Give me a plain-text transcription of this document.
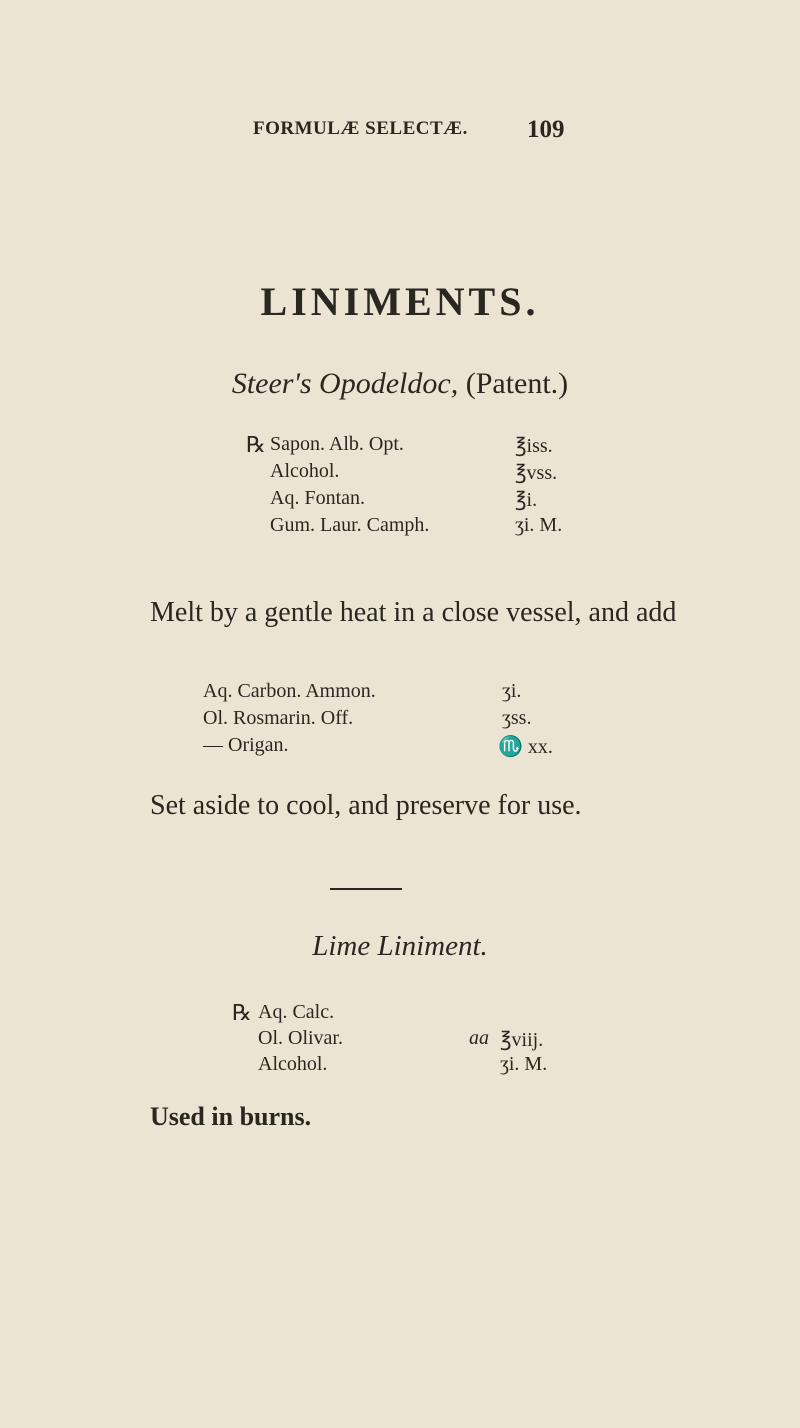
FORMULÆ SELECTÆ. 109
LINIMENTS.
Steer's Opodeldoc, (Patent.)
℞ Sapon. Alb. Opt.	℥iss.
Alcohol.	℥vss.
Aq. Fontan.	℥i.
Gum. Laur. Camph.	ʒi. M.
Melt by a gentle heat in a close vessel, and add
Aq. Carbon. Ammon.	ʒi.
Ol. Rosmarin. Off.	ʒss.
— Origan.	♏ xx.
Set aside to cool, and preserve for use.
Lime Liniment.
℞ Aq. Calc.
Ol. Olivar.	aa ℥viij.
Alcohol.	ʒi. M.
Used in burns.
